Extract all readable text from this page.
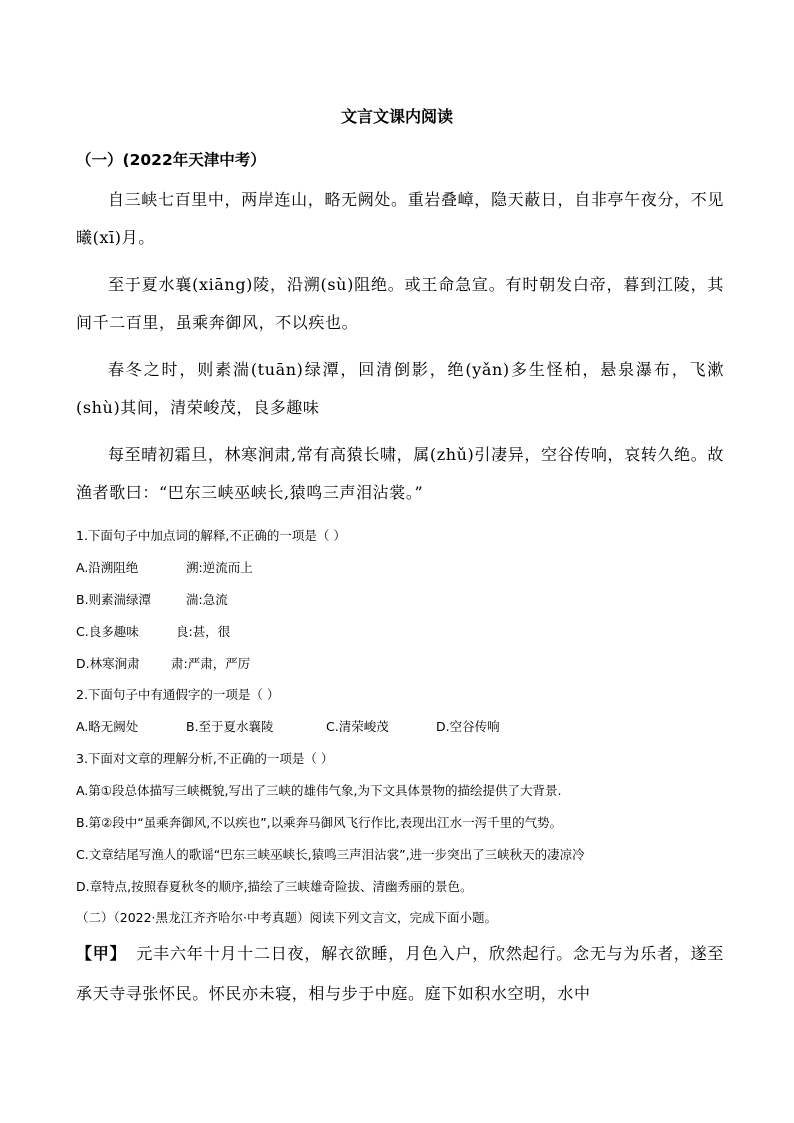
文言文课内阅读
（一）(2022年天津中考）

自三峡七百里中，两岸连山，略无阙处。重岩叠嶂，隐天蔽日，自非亭午夜分，不见曦(xī)月。

至于夏水襄(xiāng)陵，沿溯(sù)阻绝。或王命急宣。有时朝发白帝，暮到江陵，其间千二百里，虽乘奔御风，不以疾也。

春冬之时，则素湍(tuān)绿潭，回清倒影，绝(yǎn)多生怪柏，悬泉瀑布，飞漱(shù)其间，清荣峻茂，良多趣味

每至晴初霜旦，林寒涧肃,常有高猿长啸，属(zhǔ)引凄异，空谷传响，哀转久绝。故渔者歌曰：“巴东三峡巫峡长,猿鸣三声泪沾裳。”

1.下面句子中加点词的解释,不正确的一项是（ ）
A.沿溯阻绝	溯:逆流而上
B.则素湍绿潭	湍:急流
C.良多趣味	良:甚，很
D.林寒涧肃	肃:严肃，严厉
2.下面句子中有通假字的一项是（ ）
A.略无阙处	B.至于夏水襄陵	C.清荣峻茂	D.空谷传响
3.下面对文章的理解分析,不正确的一项是（ ）
A.第①段总体描写三峡概貌,写出了三峡的雄伟气象,为下文具体景物的描绘提供了大背景.
B.第②段中“虽乘奔御风,不以疾也”,以乘奔马御风飞行作比,表现出江水一泻千里的气势。
C.文章结尾写渔人的歌谣“巴东三峡巫峡长,猿鸣三声泪沾裳”,进一步突出了三峡秋天的凄凉冷
D.章特点,按照春夏秋冬的顺序,描绘了三峡雄奇险拔、清幽秀丽的景色。
（二）（2022·黑龙江齐齐哈尔·中考真题）阅读下列文言文，完成下面小题。

【甲】 元丰六年十月十二日夜，解衣欲睡，月色入户，欣然起行。念无与为乐者，遂至承天寺寻张怀民。怀民亦未寝，相与步于中庭。庭下如积水空明，水中
